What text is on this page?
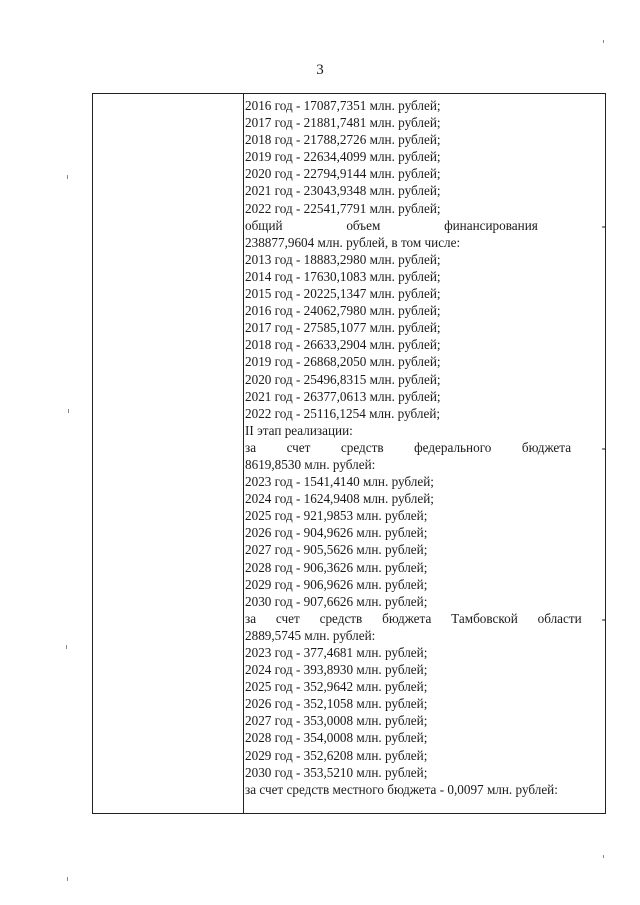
3
2016 год - 17087,7351 млн. рублей;
2017 год - 21881,7481 млн. рублей;
2018 год - 21788,2726 млн. рублей;
2019 год - 22634,4099 млн. рублей;
2020 год - 22794,9144 млн. рублей;
2021 год - 23043,9348 млн. рублей;
2022 год - 22541,7791 млн. рублей;
общий	объем	финансирования	-
238877,9604 млн. рублей, в том числе:
2013 год - 18883,2980 млн. рублей;
2014 год - 17630,1083 млн. рублей;
2015 год - 20225,1347 млн. рублей;
2016 год - 24062,7980 млн. рублей;
2017 год - 27585,1077 млн. рублей;
2018 год - 26633,2904 млн. рублей;
2019 год - 26868,2050 млн. рублей;
2020 год - 25496,8315 млн. рублей;
2021 год - 26377,0613 млн. рублей;
2022 год - 25116,1254 млн. рублей;
II этап реализации:
за счет средств федерального бюджета -
8619,8530 млн. рублей:
2023 год - 1541,4140 млн. рублей;
2024 год - 1624,9408 млн. рублей;
2025 год - 921,9853 млн. рублей;
2026 год - 904,9626 млн. рублей;
2027 год - 905,5626 млн. рублей;
2028 год - 906,3626 млн. рублей;
2029 год - 906,9626 млн. рублей;
2030 год - 907,6626 млн. рублей;
за счет средств бюджета Тамбовской области -
2889,5745 млн. рублей:
2023 год - 377,4681 млн. рублей;
2024 год - 393,8930 млн. рублей;
2025 год - 352,9642 млн. рублей;
2026 год - 352,1058 млн. рублей;
2027 год - 353,0008 млн. рублей;
2028 год - 354,0008 млн. рублей;
2029 год - 352,6208 млн. рублей;
2030 год - 353,5210 млн. рублей;
за счет средств местного бюджета - 0,0097 млн. рублей:
